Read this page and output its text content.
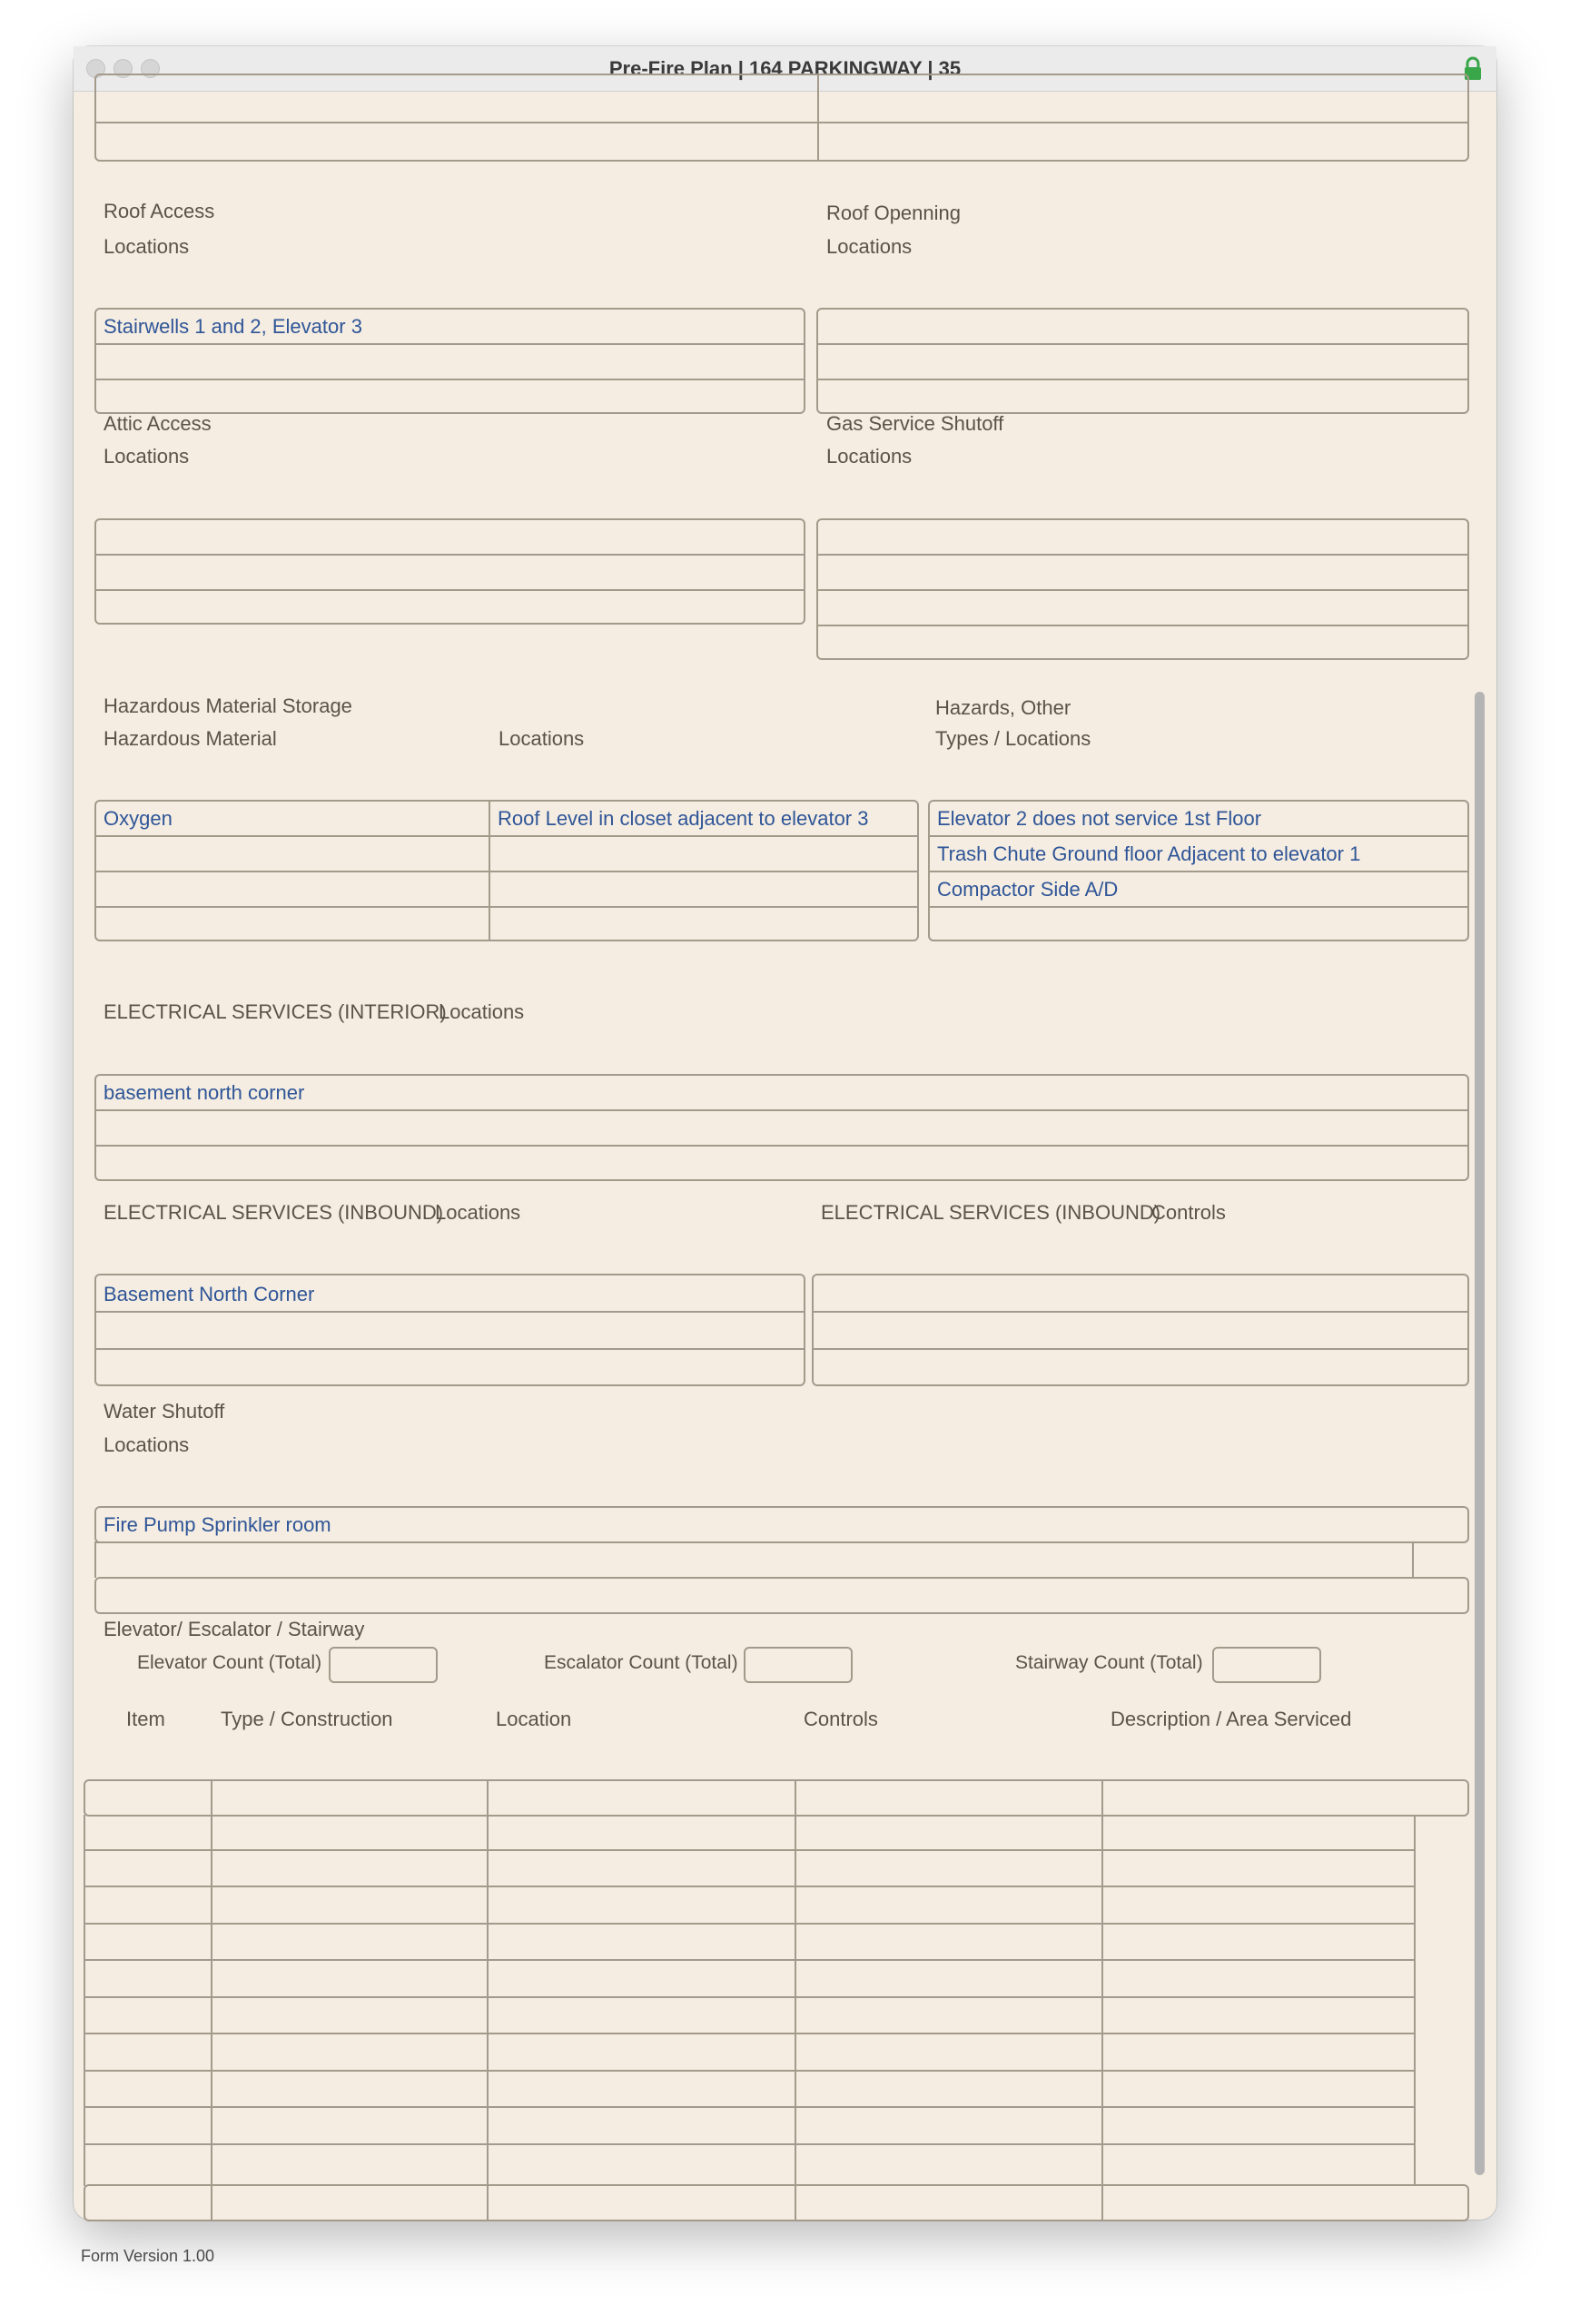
Pre-Fire Plan | 164 PARKINGWAY | 35
Roof Access
Locations
Stairwells 1 and 2, Elevator 3
Roof Openning
Locations
Attic Access
Locations
Gas Service Shutoff
Locations
Hazardous Material Storage
Hazardous Material	Locations
Oxygen	Roof Level in closet adjacent to elevator 3
Hazards, Other
Types / Locations
Elevator 2 does not service 1st Floor
Trash Chute Ground floor Adjacent to elevator 1
Compactor Side A/D
ELECTRICAL SERVICES (INTERIOR)
Locations
basement north corner
ELECTRICAL SERVICES (INBOUND)
Locations
Basement North Corner
ELECTRICAL SERVICES (INBOUND)
Controls
Water Shutoff
Locations
Fire Pump Sprinkler room
Elevator/ Escalator / Stairway
Elevator Count (Total)	Escalator Count (Total)	Stairway Count (Total)
Item	Type / Construction	Location	Controls	Description / Area Serviced
Form Version 1.00
